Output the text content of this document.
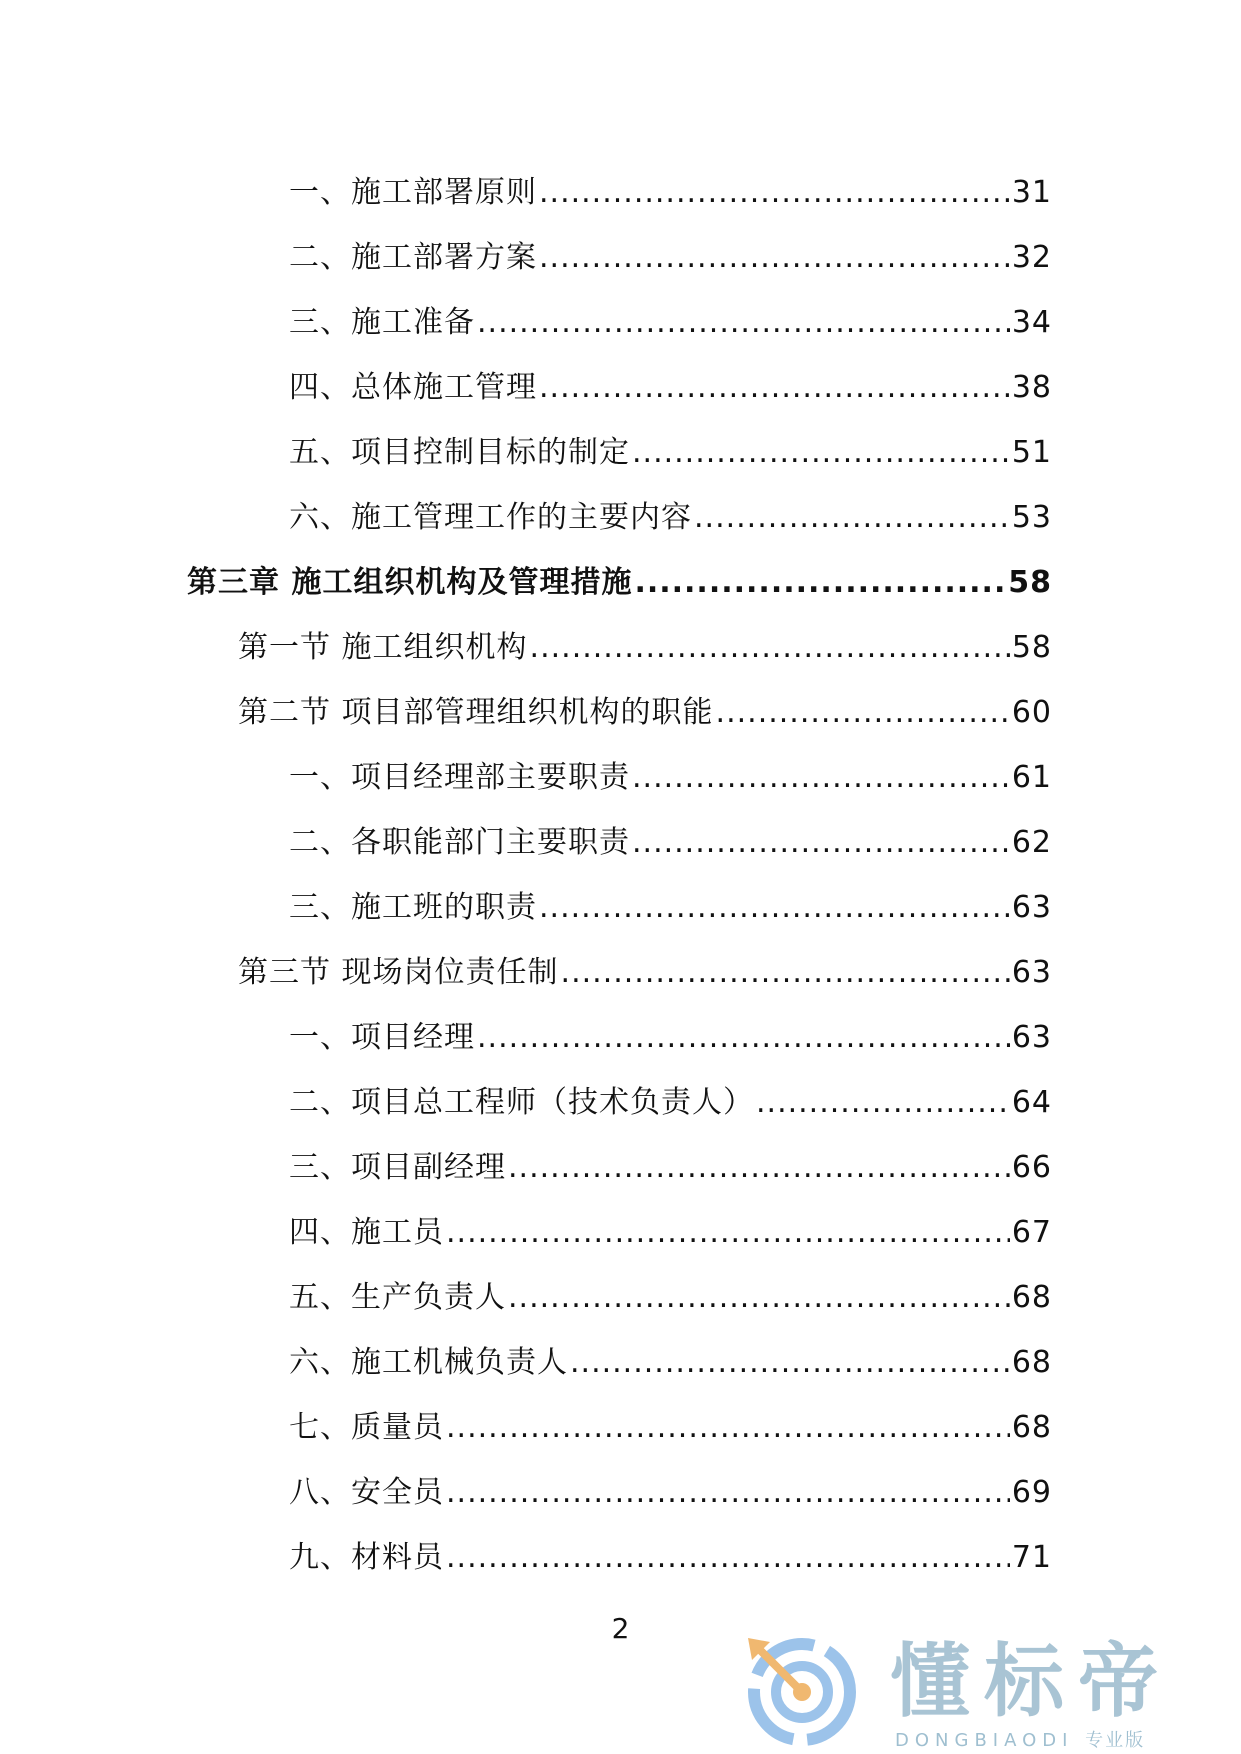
一、施工部署原则 .....	31
二、施工部署方案 .....	32
三、施工准备 .....	34
四、总体施工管理 .....	38
五、项目控制目标的制定 .....	51
六、施工管理工作的主要内容 .....	53
第三章 施工组织机构及管理措施 .....	58
第一节 施工组织机构 .....	58
第二节 项目部管理组织机构的职能 .....	60
一、项目经理部主要职责 .....	61
二、各职能部门主要职责 .....	62
三、施工班的职责 .....	63
第三节 现场岗位责任制 .....	63
一、项目经理 .....	63
二、项目总工程师（技术负责人） .....	64
三、项目副经理 .....	66
四、施工员 .....	67
五、生产负责人 .....	68
六、施工机械负责人 .....	68
七、质量员 .....	68
八、安全员 .....	69
九、材料员 .....	71
2
懂标帝
DONGBIAODI 专业版
